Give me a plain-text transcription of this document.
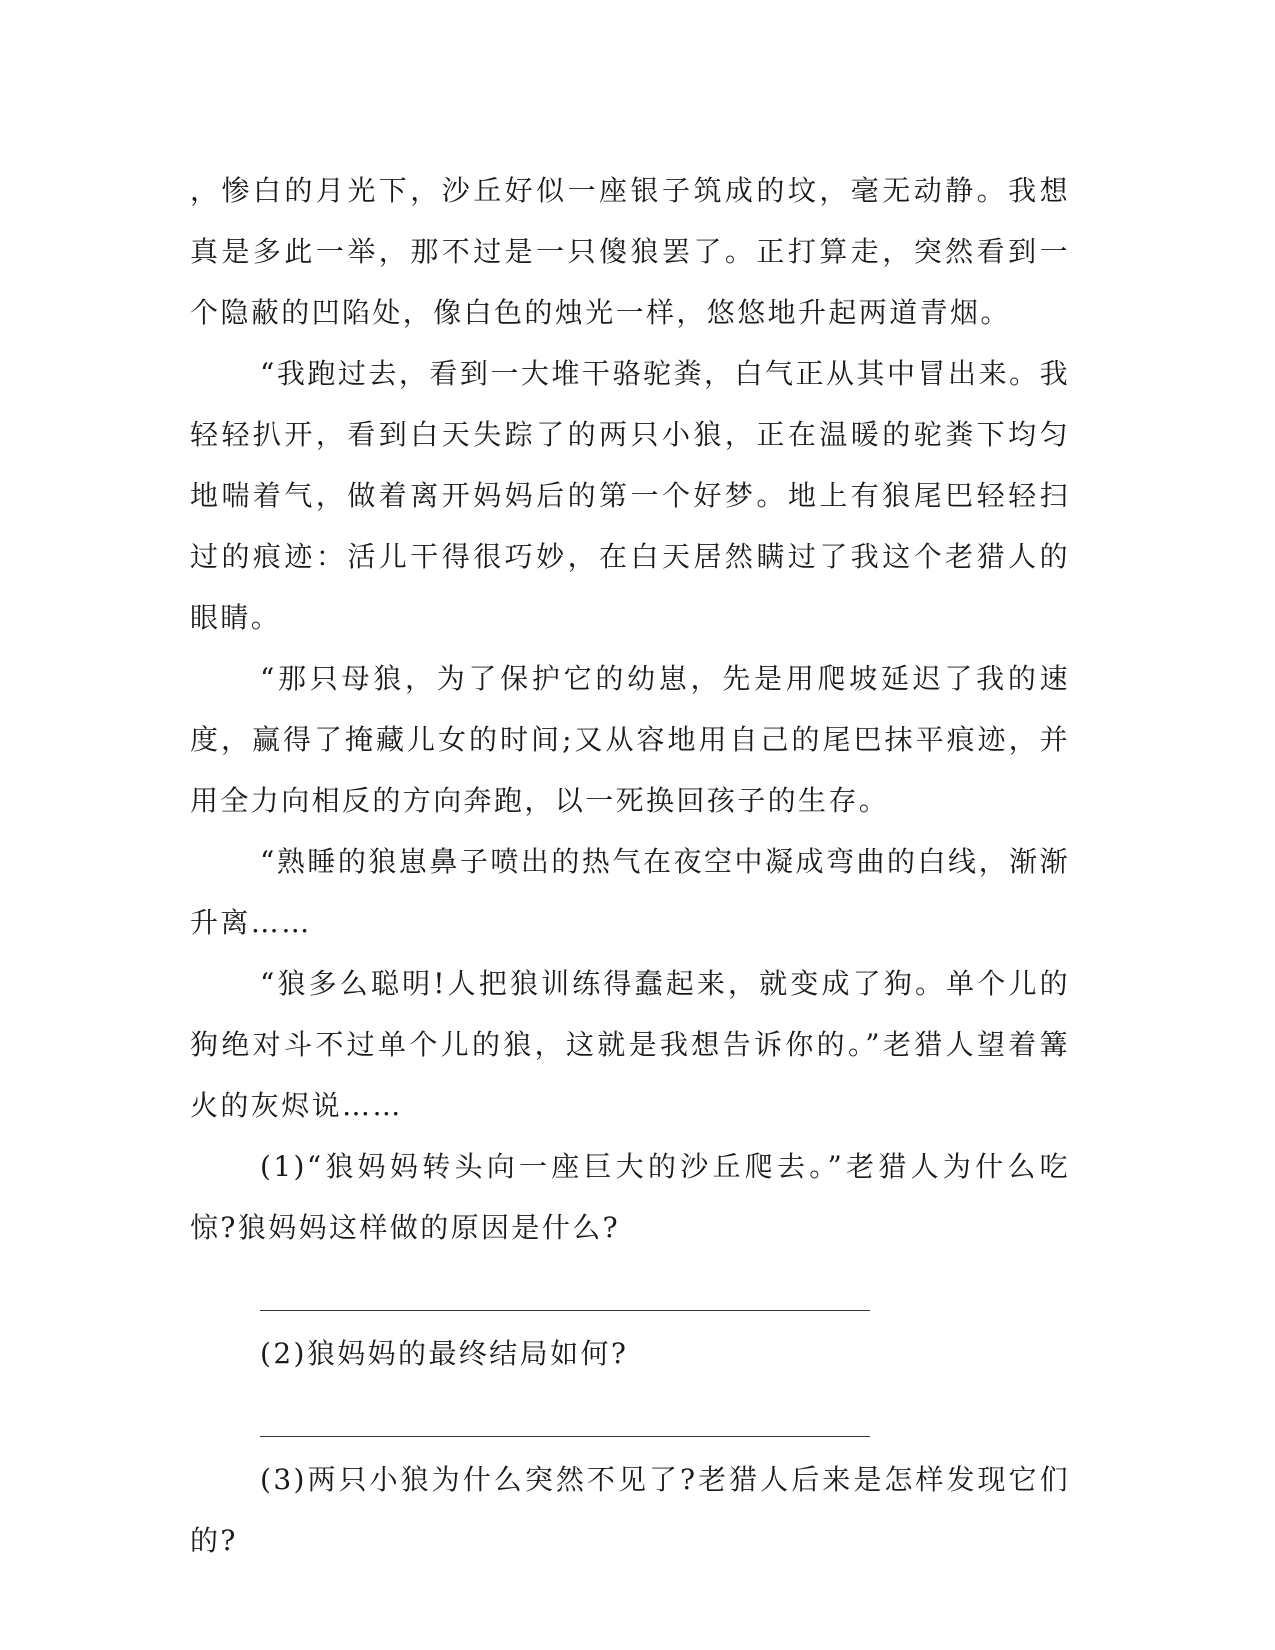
，惨白的月光下，沙丘好似一座银子筑成的坟，毫无动静。我想真是多此一举，那不过是一只傻狼罢了。正打算走，突然看到一个隐蔽的凹陷处，像白色的烛光一样，悠悠地升起两道青烟。

“我跑过去，看到一大堆干骆驼粪，白气正从其中冒出来。我轻轻扒开，看到白天失踪了的两只小狼，正在温暖的驼粪下均匀地喘着气，做着离开妈妈后的第一个好梦。地上有狼尾巴轻轻扫过的痕迹：活儿干得很巧妙，在白天居然瞒过了我这个老猎人的眼睛。

“那只母狼，为了保护它的幼崽，先是用爬坡延迟了我的速度，赢得了掩藏儿女的时间;又从容地用自己的尾巴抹平痕迹，并用全力向相反的方向奔跑，以一死换回孩子的生存。

“熟睡的狼崽鼻子喷出的热气在夜空中凝成弯曲的白线，渐渐升离……

“狼多么聪明!人把狼训练得蠢起来，就变成了狗。单个儿的狗绝对斗不过单个儿的狼，这就是我想告诉你的。”老猎人望着篝火的灰烬说……

(1)“狼妈妈转头向一座巨大的沙丘爬去。”老猎人为什么吃惊?狼妈妈这样做的原因是什么?

(2)狼妈妈的最终结局如何?

(3)两只小狼为什么突然不见了?老猎人后来是怎样发现它们的?
